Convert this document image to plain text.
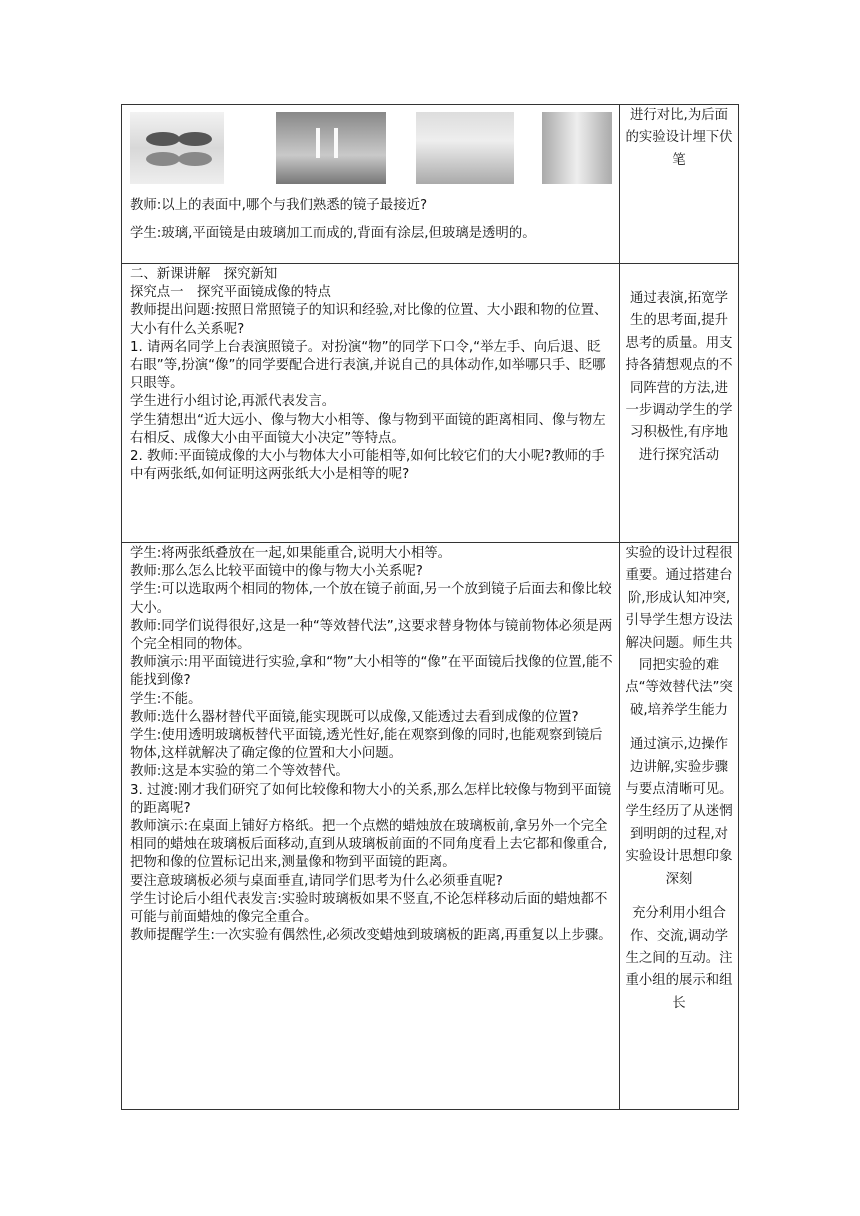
教师:以上的表面中,哪个与我们熟悉的镜子最接近?

学生:玻璃,平面镜是由玻璃加工而成的,背面有涂层,但玻璃是透明的。

进行对比,为后面的实验设计埋下伏笔

二、新课讲解　探究新知

探究点一　探究平面镜成像的特点

教师提出问题:按照日常照镜子的知识和经验,对比像的位置、大小跟和物的位置、大小有什么关系呢?

1. 请两名同学上台表演照镜子。对扮演“物”的同学下口令,“举左手、向后退、眨右眼”等,扮演“像”的同学要配合进行表演,并说自己的具体动作,如举哪只手、眨哪只眼等。

学生进行小组讨论,再派代表发言。

学生猜想出“近大远小、像与物大小相等、像与物到平面镜的距离相同、像与物左右相反、成像大小由平面镜大小决定”等特点。

2. 教师:平面镜成像的大小与物体大小可能相等,如何比较它们的大小呢?教师的手中有两张纸,如何证明这两张纸大小是相等的呢?

通过表演,拓宽学生的思考面,提升思考的质量。用支持各猜想观点的不同阵营的方法,进一步调动学生的学习积极性,有序地进行探究活动

学生:将两张纸叠放在一起,如果能重合,说明大小相等。

教师:那么怎么比较平面镜中的像与物大小关系呢?

学生:可以选取两个相同的物体,一个放在镜子前面,另一个放到镜子后面去和像比较大小。

教师:同学们说得很好,这是一种“等效替代法”,这要求替身物体与镜前物体必须是两个完全相同的物体。

教师演示:用平面镜进行实验,拿和“物”大小相等的“像”在平面镜后找像的位置,能不能找到像?

学生:不能。

教师:选什么器材替代平面镜,能实现既可以成像,又能透过去看到成像的位置?

学生:使用透明玻璃板替代平面镜,透光性好,能在观察到像的同时,也能观察到镜后物体,这样就解决了确定像的位置和大小问题。

教师:这是本实验的第二个等效替代。

3. 过渡:刚才我们研究了如何比较像和物大小的关系,那么怎样比较像与物到平面镜的距离呢?

教师演示:在桌面上铺好方格纸。把一个点燃的蜡烛放在玻璃板前,拿另外一个完全相同的蜡烛在玻璃板后面移动,直到从玻璃板前面的不同角度看上去它都和像重合,把物和像的位置标记出来,测量像和物到平面镜的距离。

要注意玻璃板必须与桌面垂直,请同学们思考为什么必须垂直呢?

学生讨论后小组代表发言:实验时玻璃板如果不竖直,不论怎样移动后面的蜡烛都不可能与前面蜡烛的像完全重合。

教师提醒学生:一次实验有偶然性,必须改变蜡烛到玻璃板的距离,再重复以上步骤。

实验的设计过程很重要。通过搭建台阶,形成认知冲突,引导学生想方设法解决问题。师生共同把实验的难点“等效替代法”突破,培养学生能力

通过演示,边操作边讲解,实验步骤与要点清晰可见。学生经历了从迷惘到明朗的过程,对实验设计思想印象深刻

充分利用小组合作、交流,调动学生之间的互动。注重小组的展示和组长
